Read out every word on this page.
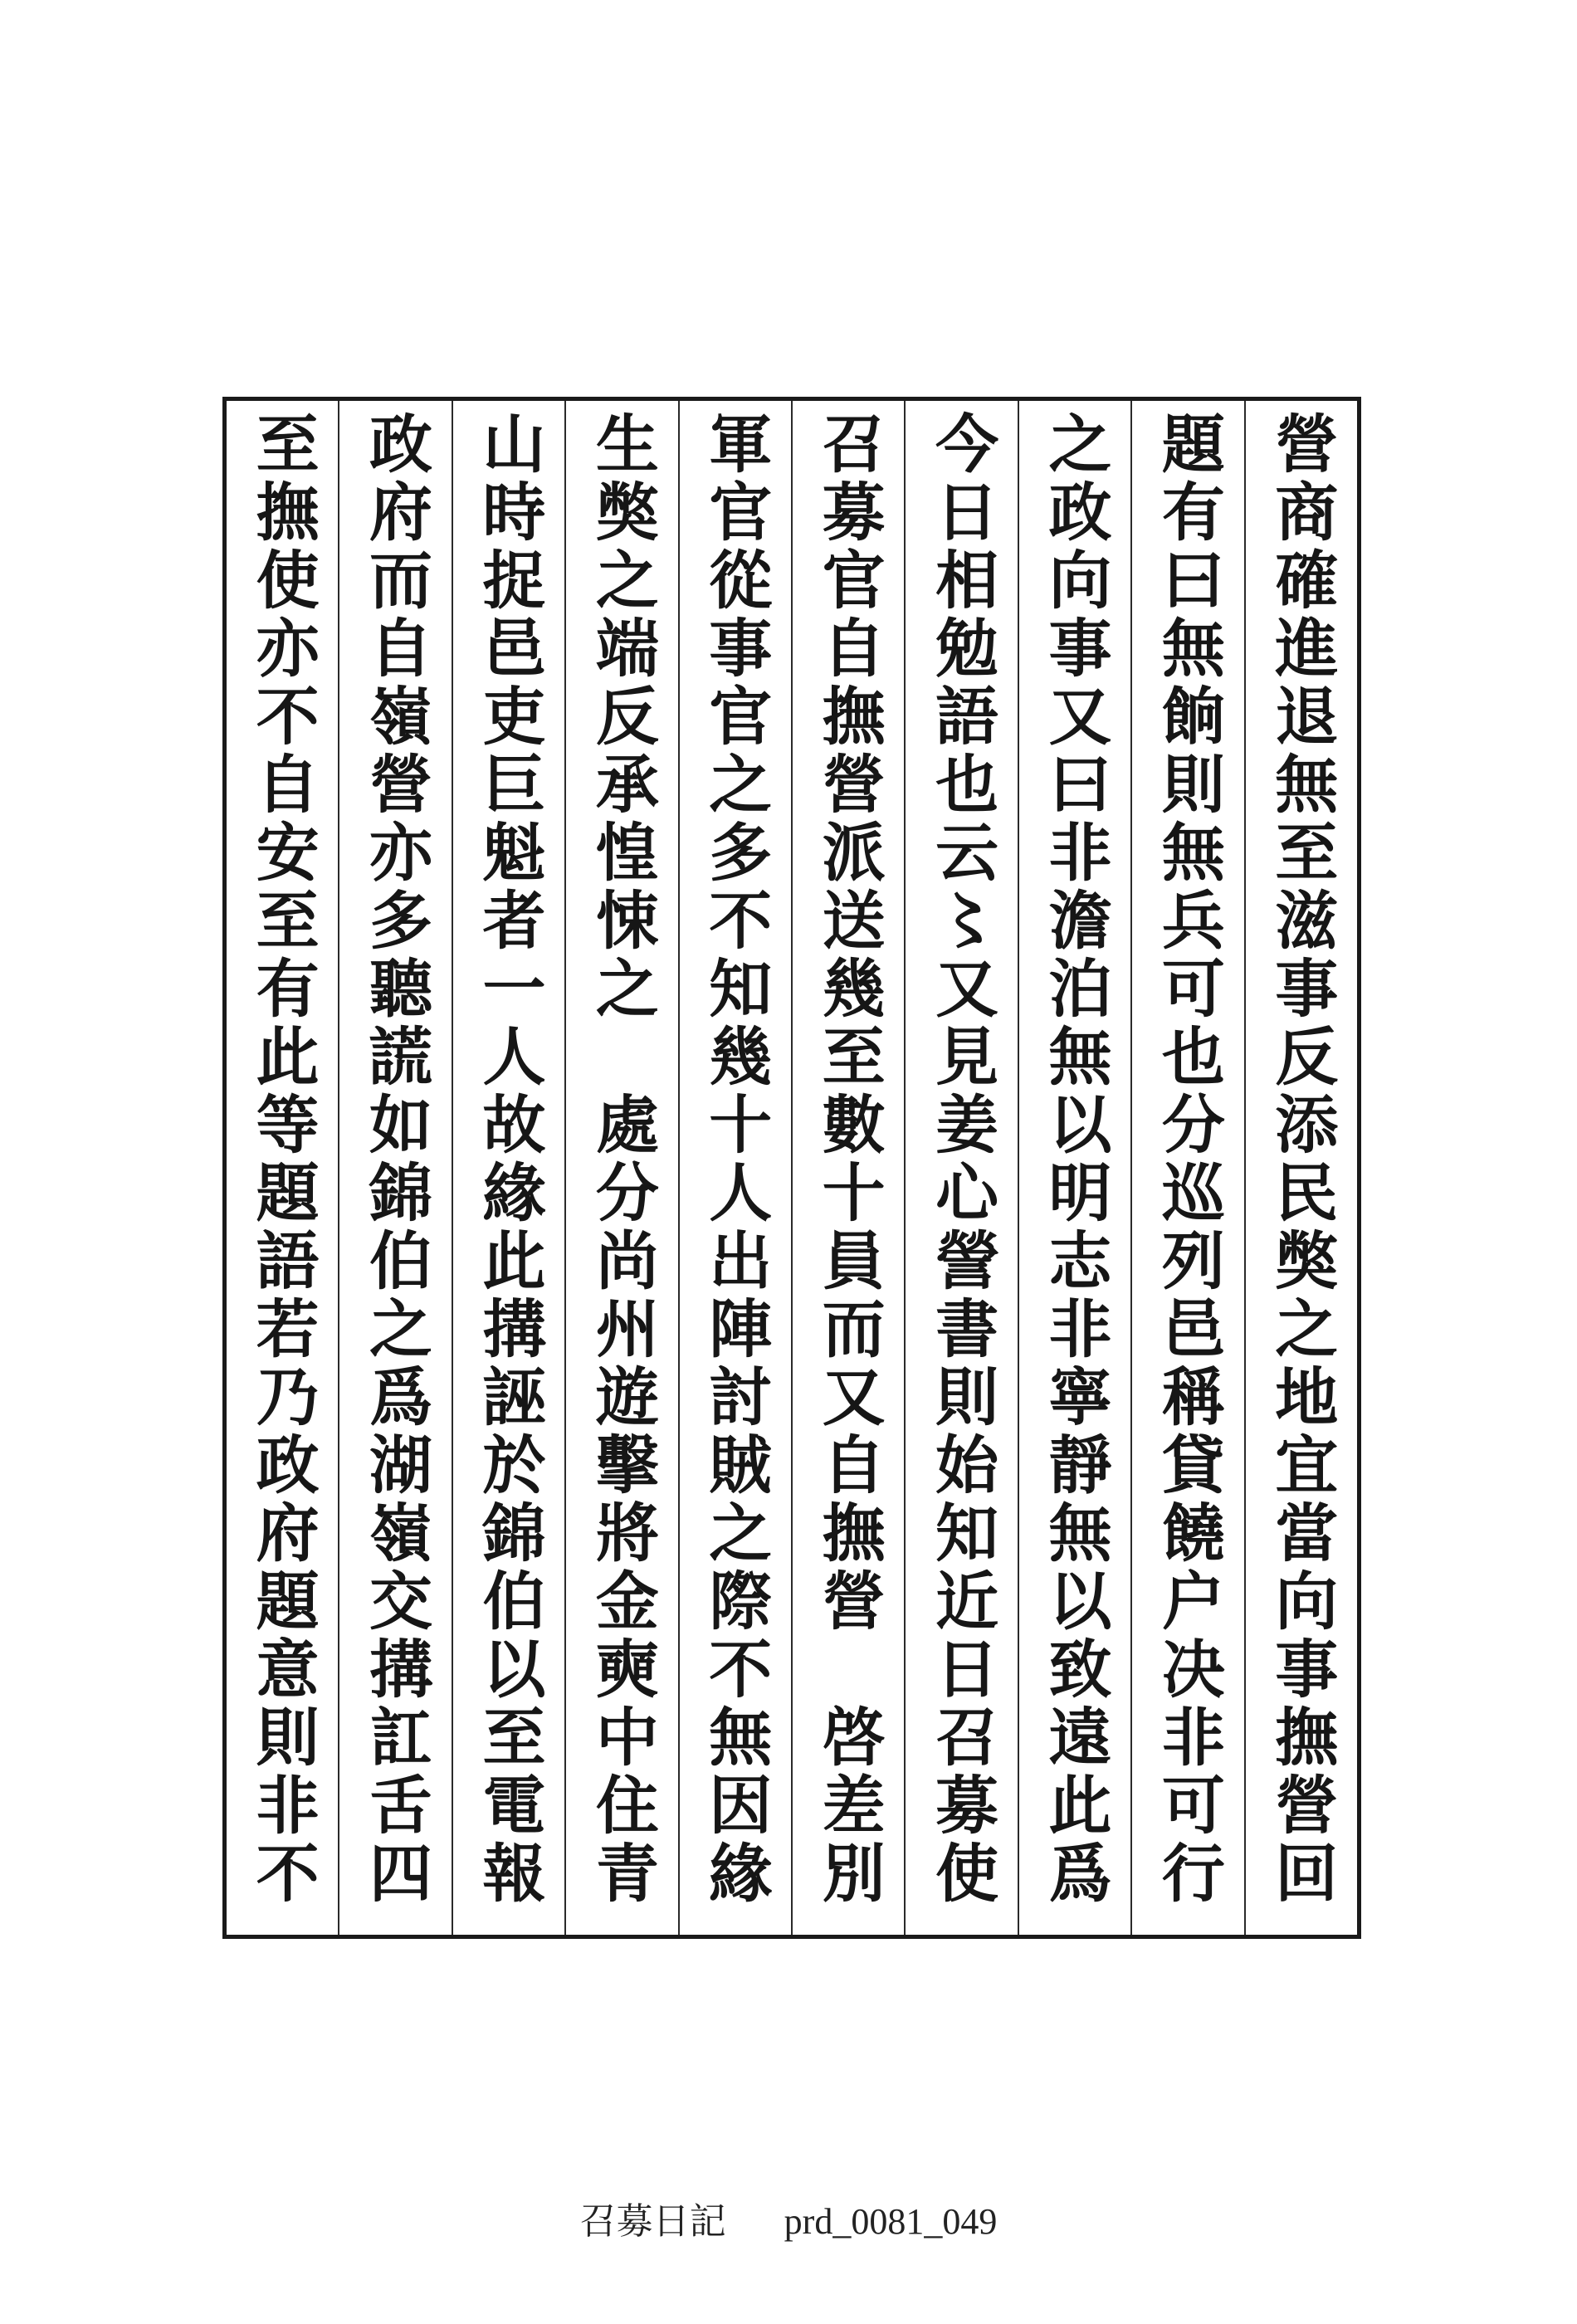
營商確進退無至滋事反添民獘之地宜當向事撫營回
題有曰無餉則無兵可也分巡列邑稱貸饒户决非可行
之政向事又曰非澹泊無以明志非寧靜無以致遠此爲
今日相勉語也云〻又見姜心謍書則始知近日召募使
召募官自撫營派送幾至數十員而又自撫營　啓差別
軍官從事官之多不知幾十人出陣討賊之際不無因緣
生獘之端反承惶悚之　處分尚州遊擊將金奭中住青
山時捉邑吏巨魁者一人故緣此搆誣於錦伯以至電報
政府而自嶺營亦多聽謊如錦伯之爲湖嶺交搆訌舌四
至撫使亦不自安至有此等題語若乃政府題意則非不
召募日記 prd_0081_049
